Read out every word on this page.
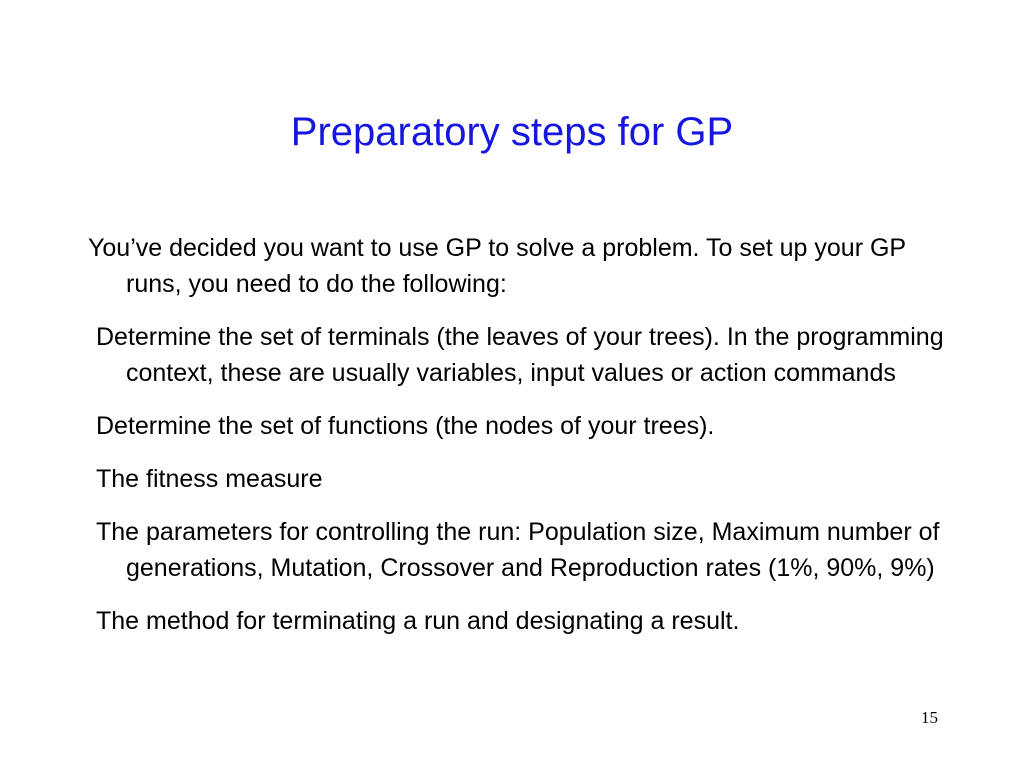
Preparatory steps for GP

You’ve decided you want to use GP to solve a problem. To set up your GP runs, you need to do the following:

Determine the set of terminals (the leaves of your trees). In the programming context, these are usually variables, input values or action commands

Determine the set of functions (the nodes of your trees).

The fitness measure

The parameters for controlling the run: Population size, Maximum number of generations, Mutation, Crossover and Reproduction rates (1%, 90%, 9%)

The method for terminating a run and designating a result.

15
